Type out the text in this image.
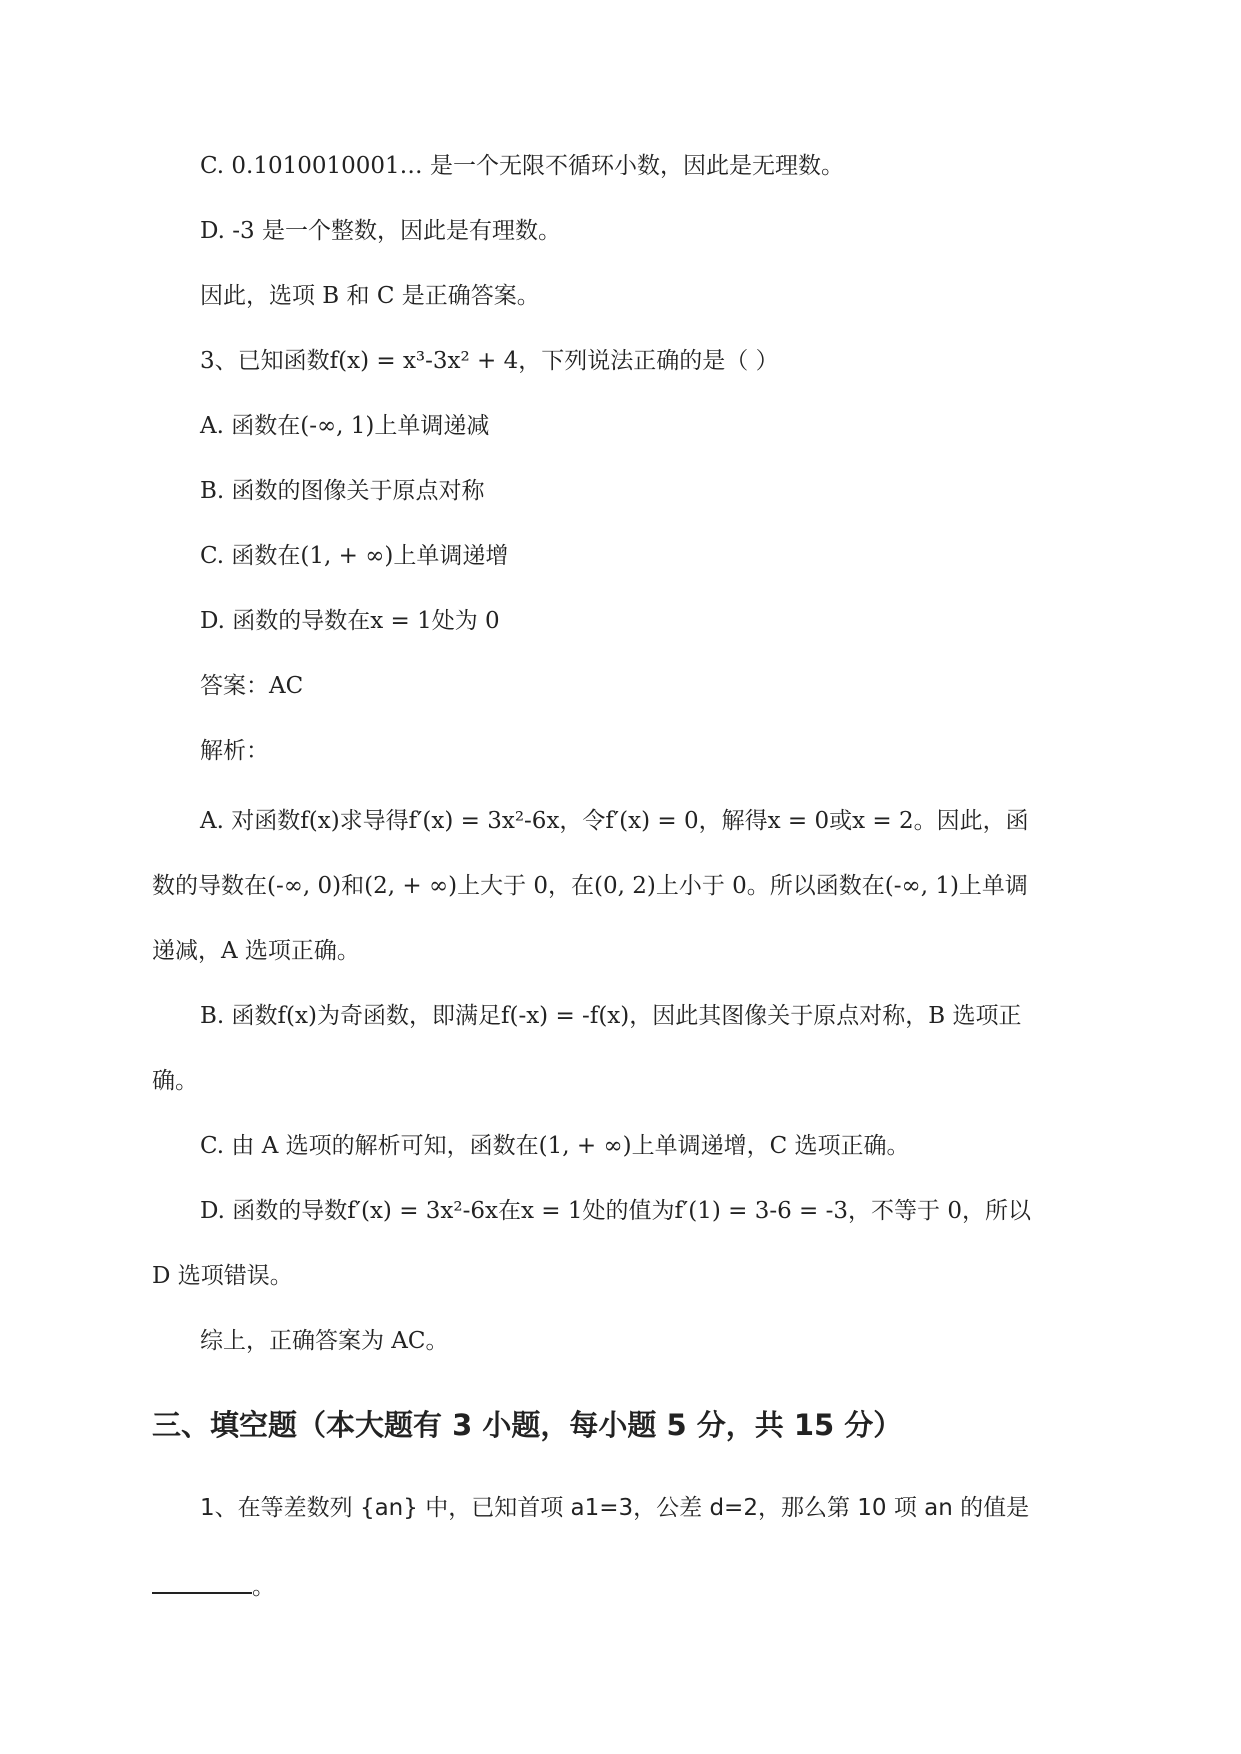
C. 0.1010010001… 是一个无限不循环小数，因此是无理数。
D. -3 是一个整数，因此是有理数。
因此，选项 B 和 C 是正确答案。
3、已知函数f(x) = x³-3x² + 4，下列说法正确的是（ ）
A. 函数在(-∞, 1)上单调递减
B. 函数的图像关于原点对称
C. 函数在(1, + ∞)上单调递增
D. 函数的导数在x = 1处为 0
答案：AC
解析：
A. 对函数f(x)求导得f′(x) = 3x²-6x，令f′(x) = 0，解得x = 0或x = 2。因此，函
数的导数在(-∞, 0)和(2, + ∞)上大于 0，在(0, 2)上小于 0。所以函数在(-∞, 1)上单调
递减，A 选项正确。
B. 函数f(x)为奇函数，即满足f(-x) = -f(x)，因此其图像关于原点对称，B 选项正
确。
C. 由 A 选项的解析可知，函数在(1, + ∞)上单调递增，C 选项正确。
D. 函数的导数f′(x) = 3x²-6x在x = 1处的值为f′(1) = 3-6 = -3，不等于 0，所以
D 选项错误。
综上，正确答案为 AC。
三、填空题（本大题有 3 小题，每小题 5 分，共 15 分）
1、在等差数列 {an} 中，已知首项 a1=3，公差 d=2，那么第 10 项 an 的值是
。
